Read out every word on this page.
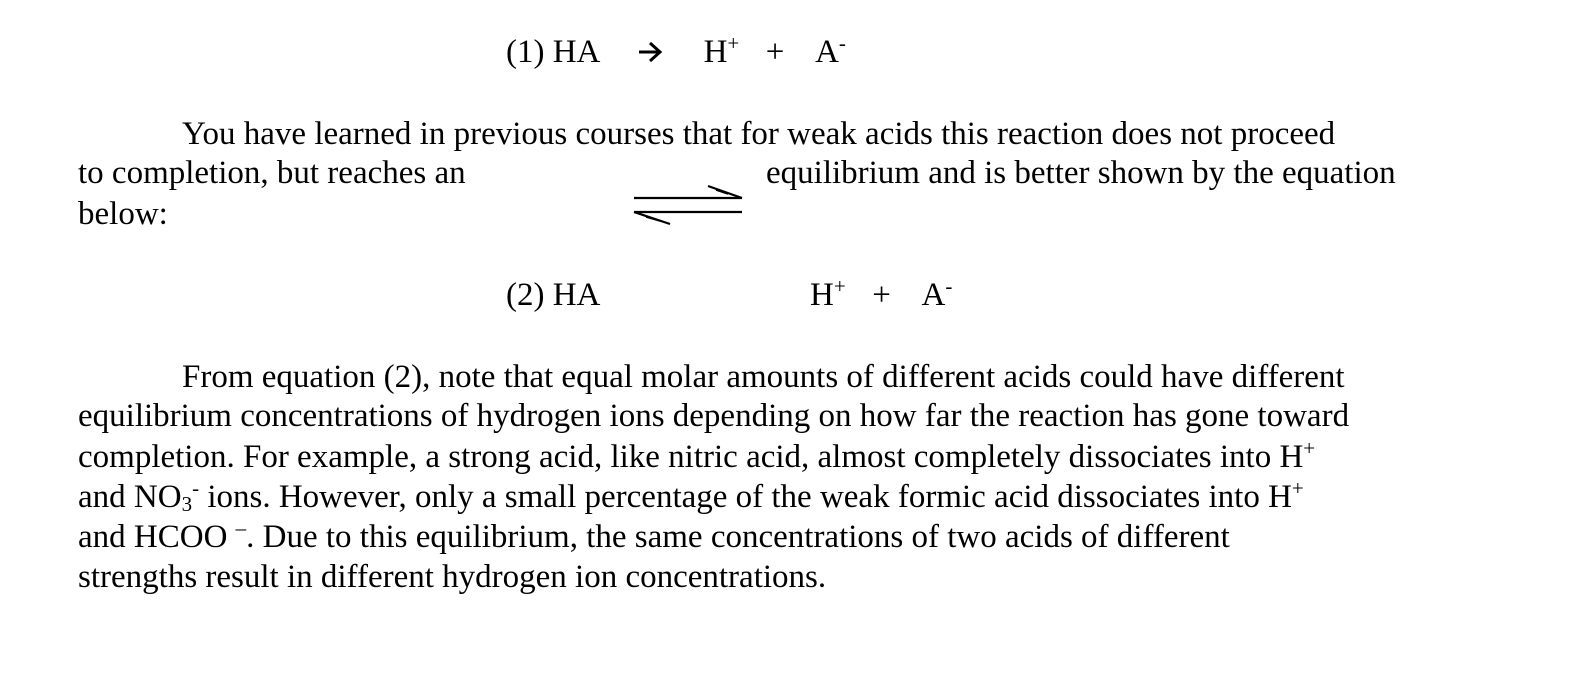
(1) HA	H+ + A-
You have learned in previous courses that for weak acids this reaction does not proceed
to completion, but reaches an	equilibrium and is better shown by the equation
below:
(2) HA	H+ + A-
From equation (2), note that equal molar amounts of different acids could have different
equilibrium concentrations of hydrogen ions depending on how far the reaction has gone toward
completion. For example, a strong acid, like nitric acid, almost completely dissociates into H+
and $NO_3^-$ ions. However, only a small percentage of the weak formic acid dissociates into H+
and HCOO –. Due to this equilibrium, the same concentrations of two acids of different
strengths result in different hydrogen ion concentrations.
